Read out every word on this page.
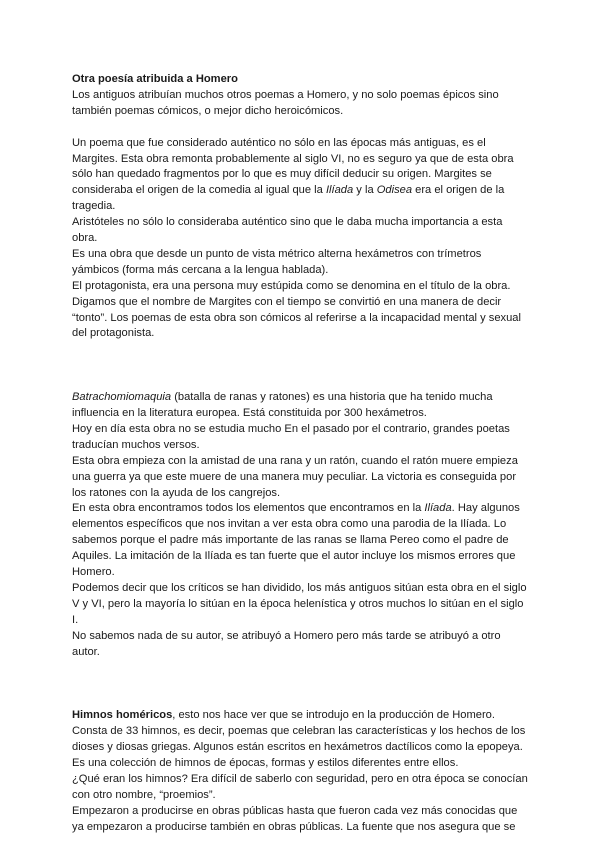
Otra poesía atribuida a Homero

Los antiguos atribuían muchos otros poemas a Homero, y no solo poemas épicos sino

también poemas cómicos, o mejor dicho heroicómicos.

Un poema que fue considerado auténtico no sólo en las épocas más antiguas, es el

Margites. Esta obra remonta probablemente al siglo VI, no es seguro ya que de esta obra

sólo han quedado fragmentos por lo que es muy difícil deducir su origen. Margites se

consideraba el origen de la comedia al igual que la Ilíada y la Odisea era el origen de la

tragedia.

Aristóteles no sólo lo consideraba auténtico sino que le daba mucha importancia a esta

obra.

Es una obra que desde un punto de vista métrico alterna hexámetros con trímetros

yámbicos (forma más cercana a la lengua hablada).

El protagonista, era una persona muy estúpida como se denomina en el título de la obra.

Digamos que el nombre de Margites con el tiempo se convirtió en una manera de decir

“tonto”. Los poemas de esta obra son cómicos al referirse a la incapacidad mental y sexual

del protagonista.

Batrachomiomaquia (batalla de ranas y ratones) es una historia que ha tenido mucha

influencia en la literatura europea. Está constituida por 300 hexámetros.

Hoy en día esta obra no se estudia mucho En el pasado por el contrario, grandes poetas

traducían muchos versos.

Esta obra empieza con la amistad de una rana y un ratón, cuando el ratón muere empieza

una guerra ya que este muere de una manera muy peculiar. La victoria es conseguida por

los ratones con la ayuda de los cangrejos.

En esta obra encontramos todos los elementos que encontramos en la Ilíada. Hay algunos

elementos específicos que nos invitan a ver esta obra como una parodia de la Ilíada. Lo

sabemos porque el padre más importante de las ranas se llama Pereo como el padre de

Aquiles. La imitación de la Ilíada es tan fuerte que el autor incluye los mismos errores que

Homero.

Podemos decir que los críticos se han dividido, los más antiguos sitúan esta obra en el siglo

V y VI, pero la mayoría lo sitúan en la época helenística y otros muchos lo sitúan en el siglo

I.

No sabemos nada de su autor, se atribuyó a Homero pero más tarde se atribuyó a otro

autor.

Himnos homéricos, esto nos hace ver que se introdujo en la producción de Homero.

Consta de 33 himnos, es decir, poemas que celebran las características y los hechos de los

dioses y diosas griegas. Algunos están escritos en hexámetros dactílicos como la epopeya.

Es una colección de himnos de épocas, formas y estilos diferentes entre ellos.

¿Qué eran los himnos? Era difícil de saberlo con seguridad, pero en otra época se conocían

con otro nombre, “proemios”.

Empezaron a producirse en obras públicas hasta que fueron cada vez más conocidas que

ya empezaron a producirse también en obras públicas. La fuente que nos asegura que se
